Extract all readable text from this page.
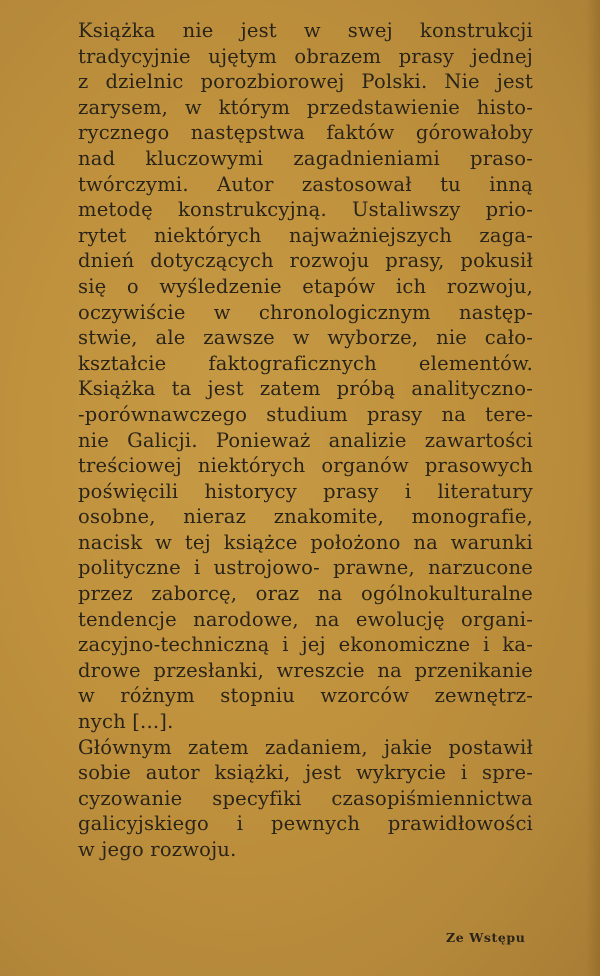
Książka nie jest w swej konstrukcji
tradycyjnie ujętym obrazem prasy jednej
z dzielnic porozbiorowej Polski. Nie jest
zarysem, w którym przedstawienie histo-
rycznego następstwa faktów górowałoby
nad kluczowymi zagadnieniami praso-
twórczymi. Autor zastosował tu inną
metodę konstrukcyjną. Ustaliwszy prio-
rytet niektórych najważniejszych zaga-
dnień dotyczących rozwoju prasy, pokusił
się o wyśledzenie etapów ich rozwoju,
oczywiście w chronologicznym następ-
stwie, ale zawsze w wyborze, nie cało-
kształcie faktograficznych elementów.
Książka ta jest zatem próbą analityczno-
-porównawczego studium prasy na tere-
nie Galicji. Ponieważ analizie zawartości
treściowej niektórych organów prasowych
poświęcili historycy prasy i literatury
osobne, nieraz znakomite, monografie,
nacisk w tej książce położono na warunki
polityczne i ustrojowo- prawne, narzucone
przez zaborcę, oraz na ogólnokulturalne
tendencje narodowe, na ewolucję organi-
zacyjno-techniczną i jej ekonomiczne i ka-
drowe przesłanki, wreszcie na przenikanie
w różnym stopniu wzorców zewnętrz-
nych [...].
Głównym zatem zadaniem, jakie postawił
sobie autor książki, jest wykrycie i spre-
cyzowanie specyfiki czasopiśmiennictwa
galicyjskiego i pewnych prawidłowości
w jego rozwoju.
Ze Wstępu
